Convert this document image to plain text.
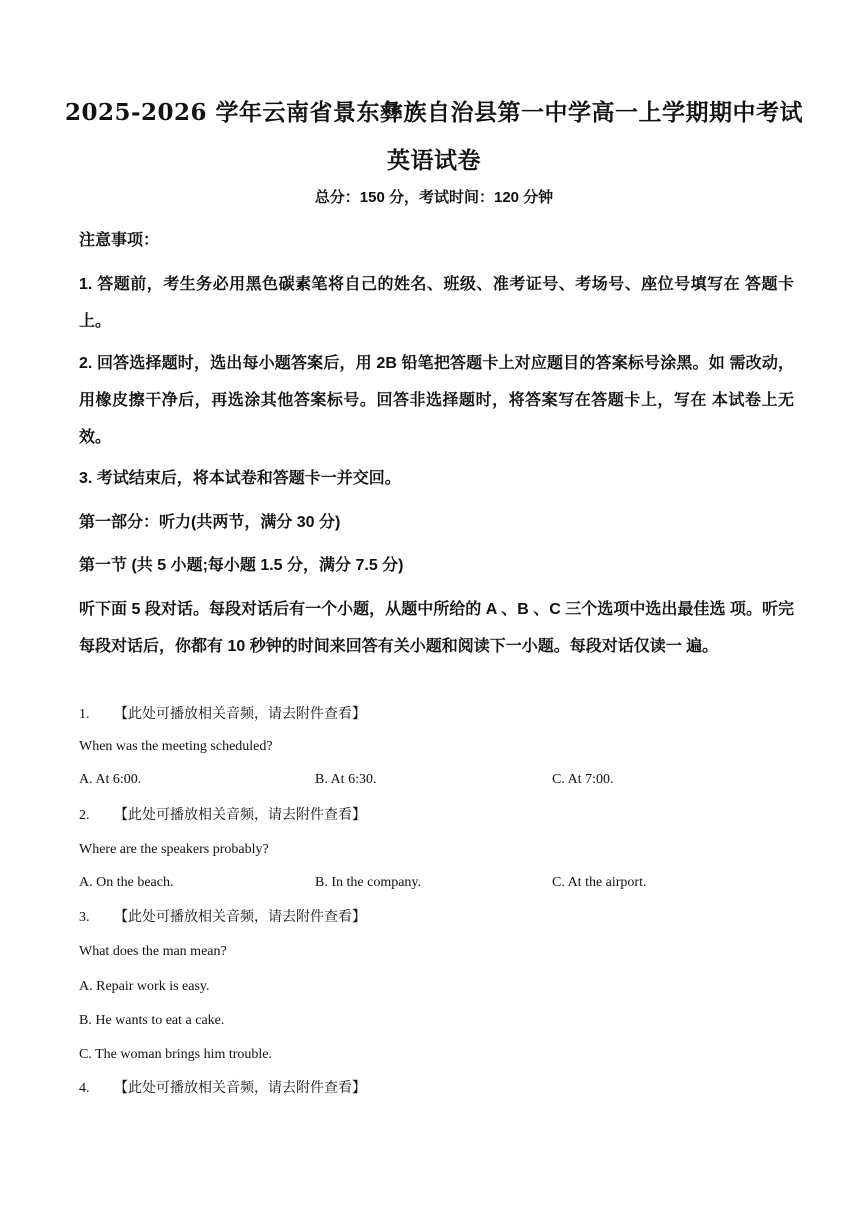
2025-2026 学年云南省景东彝族自治县第一中学高一上学期期中考试
英语试卷
总分：150 分，考试时间：120 分钟
注意事项：
1. 答题前，考生务必用黑色碳素笔将自己的姓名、班级、准考证号、考场号、座位号填写在 答题卡上。
2. 回答选择题时，选出每小题答案后，用 2B 铅笔把答题卡上对应题目的答案标号涂黑。如 需改动，用橡皮擦干净后，再选涂其他答案标号。回答非选择题时，将答案写在答题卡上，写在 本试卷上无效。
3. 考试结束后，将本试卷和答题卡一并交回。
第一部分：听力(共两节，满分 30 分)
第一节 (共 5 小题;每小题 1.5 分，满分 7.5 分)
听下面 5 段对话。每段对话后有一个小题，从题中所给的 A 、B 、C 三个选项中选出最佳选 项。听完每段对话后，你都有 10 秒钟的时间来回答有关小题和阅读下一小题。每段对话仅读一 遍。
1. 【此处可播放相关音频，请去附件查看】
When was the meeting scheduled?
A. At 6:00.	B. At 6:30.	C. At 7:00.
2. 【此处可播放相关音频，请去附件查看】
Where are the speakers probably?
A. On the beach.	B. In the company.	C. At the airport.
3. 【此处可播放相关音频，请去附件查看】
What does the man mean?
A. Repair work is easy.
B. He wants to eat a cake.
C. The woman brings him trouble.
4. 【此处可播放相关音频，请去附件查看】
